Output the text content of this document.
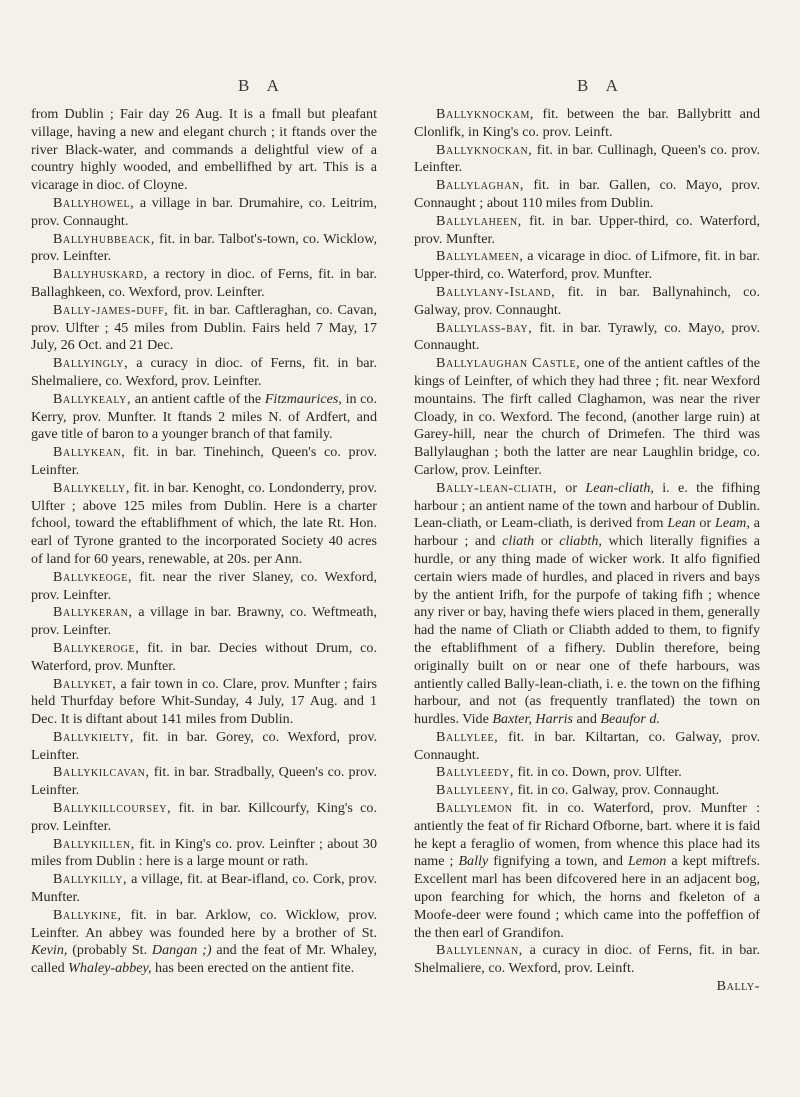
B A	B A

from Dublin ; Fair day 26 Aug. It is a fmall but pleafant village, having a new and elegant church ; it ftands over the river Black-water, and commands a delightful view of a country highly wooded, and embellifhed by art. This is a vicarage in dioc. of Cloyne.

Ballyhowel, a village in bar. Drumahire, co. Leitrim, prov. Connaught.

Ballyhubbeack, fit. in bar. Talbot's-town, co. Wicklow, prov. Leinfter.

Ballyhuskard, a rectory in dioc. of Ferns, fit. in bar. Ballaghkeen, co. Wexford, prov. Leinfter.

Bally-james-duff, fit. in bar. Caftleraghan, co. Cavan, prov. Ulfter ; 45 miles from Dublin. Fairs held 7 May, 17 July, 26 Oct. and 21 Dec.

Ballyingly, a curacy in dioc. of Ferns, fit. in bar. Shelmaliere, co. Wexford, prov. Leinfter.

Ballykealy, an antient caftle of the Fitzmaurices, in co. Kerry, prov. Munfter. It ftands 2 miles N. of Ardfert, and gave title of baron to a younger branch of that family.

Ballykean, fit. in bar. Tinehinch, Queen's co. prov. Leinfter.

Ballykelly, fit. in bar. Kenoght, co. Londonderry, prov. Ulfter ; above 125 miles from Dublin. Here is a charter fchool, toward the eftablifhment of which, the late Rt. Hon. earl of Tyrone granted to the incorporated Society 40 acres of land for 60 years, renewable, at 20s. per Ann.

Ballykeoge, fit. near the river Slaney, co. Wexford, prov. Leinfter.

Ballykeran, a village in bar. Brawny, co. Weftmeath, prov. Leinfter.

Ballykeroge, fit. in bar. Decies without Drum, co. Waterford, prov. Munfter.

Ballyket, a fair town in co. Clare, prov. Munfter ; fairs held Thurfday before Whit-Sunday, 4 July, 17 Aug. and 1 Dec. It is diftant about 141 miles from Dublin.

Ballykielty, fit. in bar. Gorey, co. Wexford, prov. Leinfter.

Ballykilcavan, fit. in bar. Stradbally, Queen's co. prov. Leinfter.

Ballykillcoursey, fit. in bar. Killcourfy, King's co. prov. Leinfter.

Ballykillen, fit. in King's co. prov. Leinfter ; about 30 miles from Dublin : here is a large mount or rath.

Ballykilly, a village, fit. at Bear-ifland, co. Cork, prov. Munfter.

Ballykine, fit. in bar. Arklow, co. Wicklow, prov. Leinfter. An abbey was founded here by a brother of St. Kevin, (probably St. Dangan ;) and the feat of Mr. Whaley, called Whaley-abbey, has been erected on the antient fite.

Ballyknockam, fit. between the bar. Ballybritt and Clonlifk, in King's co. prov. Leinft.

Ballyknockan, fit. in bar. Cullinagh, Queen's co. prov. Leinfter.

Ballylaghan, fit. in bar. Gallen, co. Mayo, prov. Connaught ; about 110 miles from Dublin.

Ballylaheen, fit. in bar. Upper-third, co. Waterford, prov. Munfter.

Ballylameen, a vicarage in dioc. of Lifmore, fit. in bar. Upper-third, co. Waterford, prov. Munfter.

Ballylany-Island, fit. in bar. Ballynahinch, co. Galway, prov. Connaught.

Ballylass-bay, fit. in bar. Tyrawly, co. Mayo, prov. Connaught.

Ballylaughan Castle, one of the antient caftles of the kings of Leinfter, of which they had three ; fit. near Wexford mountains. The firft called Claghamon, was near the river Cloady, in co. Wexford. The fecond, (another large ruin) at Garey-hill, near the church of Drimefen. The third was Ballylaughan ; both the latter are near Laughlin bridge, co. Carlow, prov. Leinfter.

Bally-lean-cliath, or Lean-cliath, i. e. the fifhing harbour ; an antient name of the town and harbour of Dublin. Lean-cliath, or Leam-cliath, is derived from Lean or Leam, a harbour ; and cliath or cliabth, which literally fignifies a hurdle, or any thing made of wicker work. It alfo fignified certain wiers made of hurdles, and placed in rivers and bays by the antient Irifh, for the purpofe of taking fifh ; whence any river or bay, having thefe wiers placed in them, generally had the name of Cliath or Cliabth added to them, to fignify the eftablifhment of a fifhery. Dublin therefore, being originally built on or near one of thefe harbours, was antiently called Bally-lean-cliath, i. e. the town on the fifhing harbour, and not (as frequently tranflated) the town on hurdles. Vide Baxter, Harris and Beaufor d.

Ballylee, fit. in bar. Kiltartan, co. Galway, prov. Connaught.

Ballyleedy, fit. in co. Down, prov. Ulfter.

Ballyleeny, fit. in co. Galway, prov. Connaught.

Ballylemon fit. in co. Waterford, prov. Munfter : antiently the feat of fir Richard Ofborne, bart. where it is faid he kept a feraglio of women, from whence this place had its name ; Bally fignifying a town, and Lemon a kept miftrefs. Excellent marl has been difcovered here in an adjacent bog, upon fearching for which, the horns and fkeleton of a Moofe-deer were found ; which came into the poffeffion of the then earl of Grandifon.

Ballylennan, a curacy in dioc. of Ferns, fit. in bar. Shelmaliere, co. Wexford, prov. Leinft.

Bally-
